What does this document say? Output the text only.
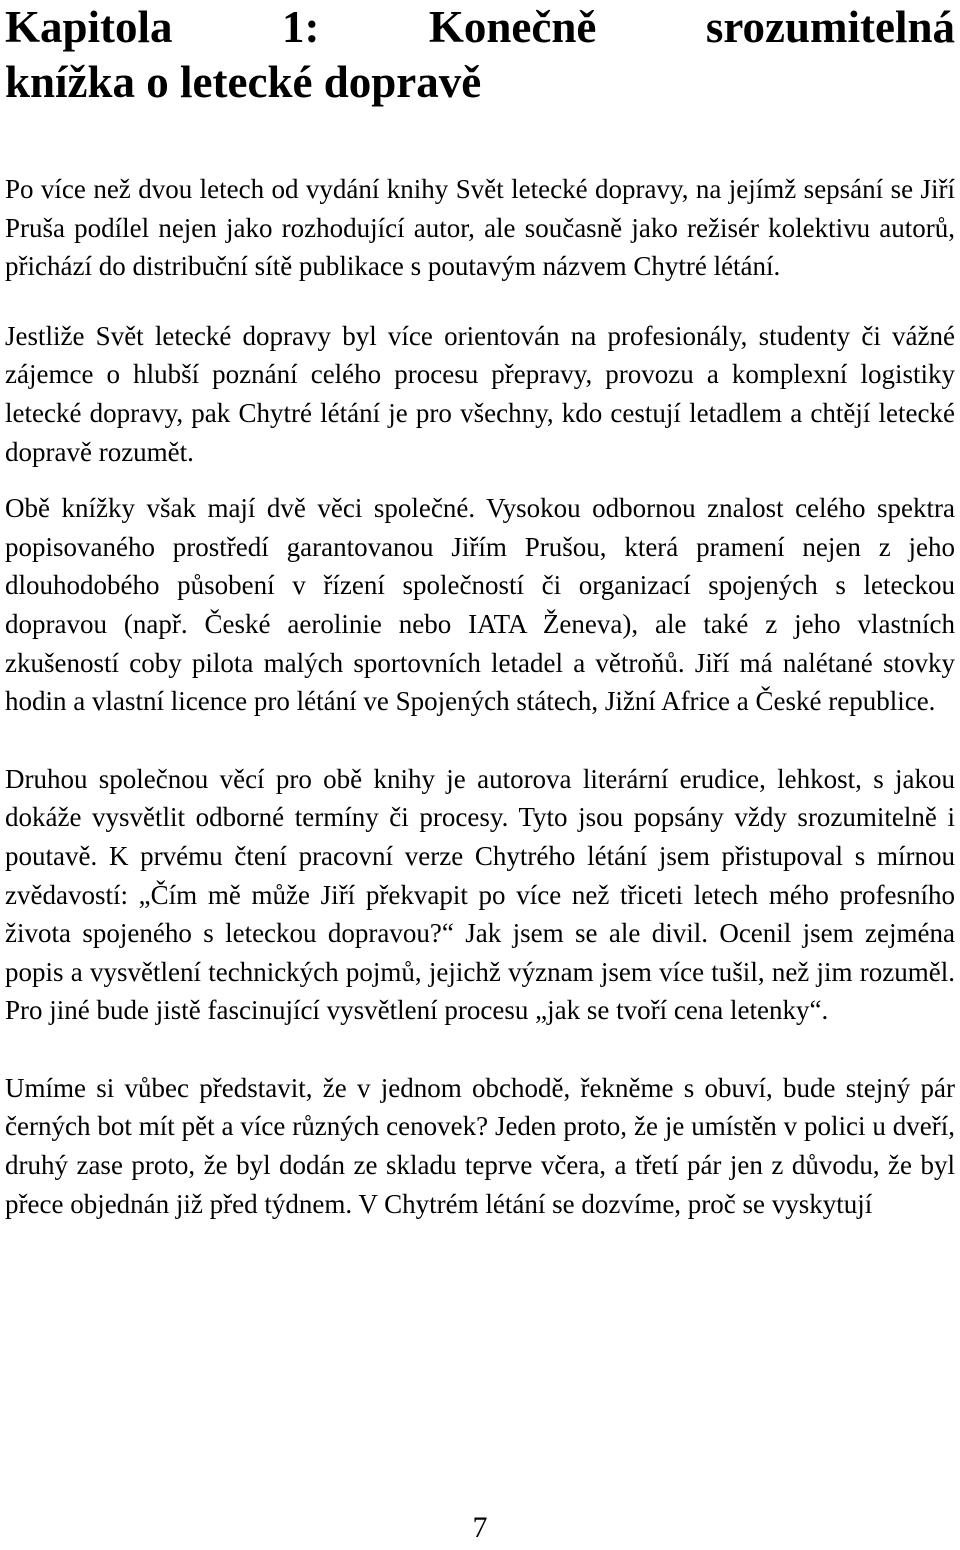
Kapitola 1: Konečně srozumitelná
knížka o letecké dopravě

Po více než dvou letech od vydání knihy Svět letecké dopravy, na jejímž sepsání se Jiří Pruša podílel nejen jako rozhodující autor, ale současně jako režisér kolektivu autorů, přichází do distribuční sítě publikace s poutavým názvem Chytré létání.

Jestliže Svět letecké dopravy byl více orientován na profesionály, studenty či vážné zájemce o hlubší poznání celého procesu přepravy, provozu a komplexní logistiky letecké dopravy, pak Chytré létání je pro všechny, kdo cestují letadlem a chtějí letecké dopravě rozumět.

Obě knížky však mají dvě věci společné. Vysokou odbornou znalost celého spektra popisovaného prostředí garantovanou Jiřím Prušou, která pramení nejen z jeho dlouhodobého působení v řízení společností či organizací spojených s leteckou dopravou (např. České aerolinie nebo IATA Ženeva), ale také z jeho vlastních zkušeností coby pilota malých sportovních letadel a větroňů. Jiří má nalétané stovky hodin a vlastní licence pro létání ve Spojených státech, Jižní Africe a České republice.

Druhou společnou věcí pro obě knihy je autorova literární erudice, lehkost, s jakou dokáže vysvětlit odborné termíny či procesy. Tyto jsou popsány vždy srozumitelně i poutavě. K prvému čtení pracovní verze Chytrého létání jsem přistupoval s mírnou zvědavostí: „Čím mě může Jiří překvapit po více než třiceti letech mého profesního života spojeného s leteckou dopravou?“ Jak jsem se ale divil. Ocenil jsem zejména popis a vysvětlení technických pojmů, jejichž význam jsem více tušil, než jim rozuměl. Pro jiné bude jistě fascinující vysvětlení procesu „jak se tvoří cena letenky“.

Umíme si vůbec představit, že v jednom obchodě, řekněme s obuví, bude stejný pár černých bot mít pět a více různých cenovek? Jeden proto, že je umístěn v polici u dveří, druhý zase proto, že byl dodán ze skladu teprve včera, a třetí pár jen z důvodu, že byl přece objednán již před týdnem. V Chytrém létání se dozvíme, proč se vyskytují

7
